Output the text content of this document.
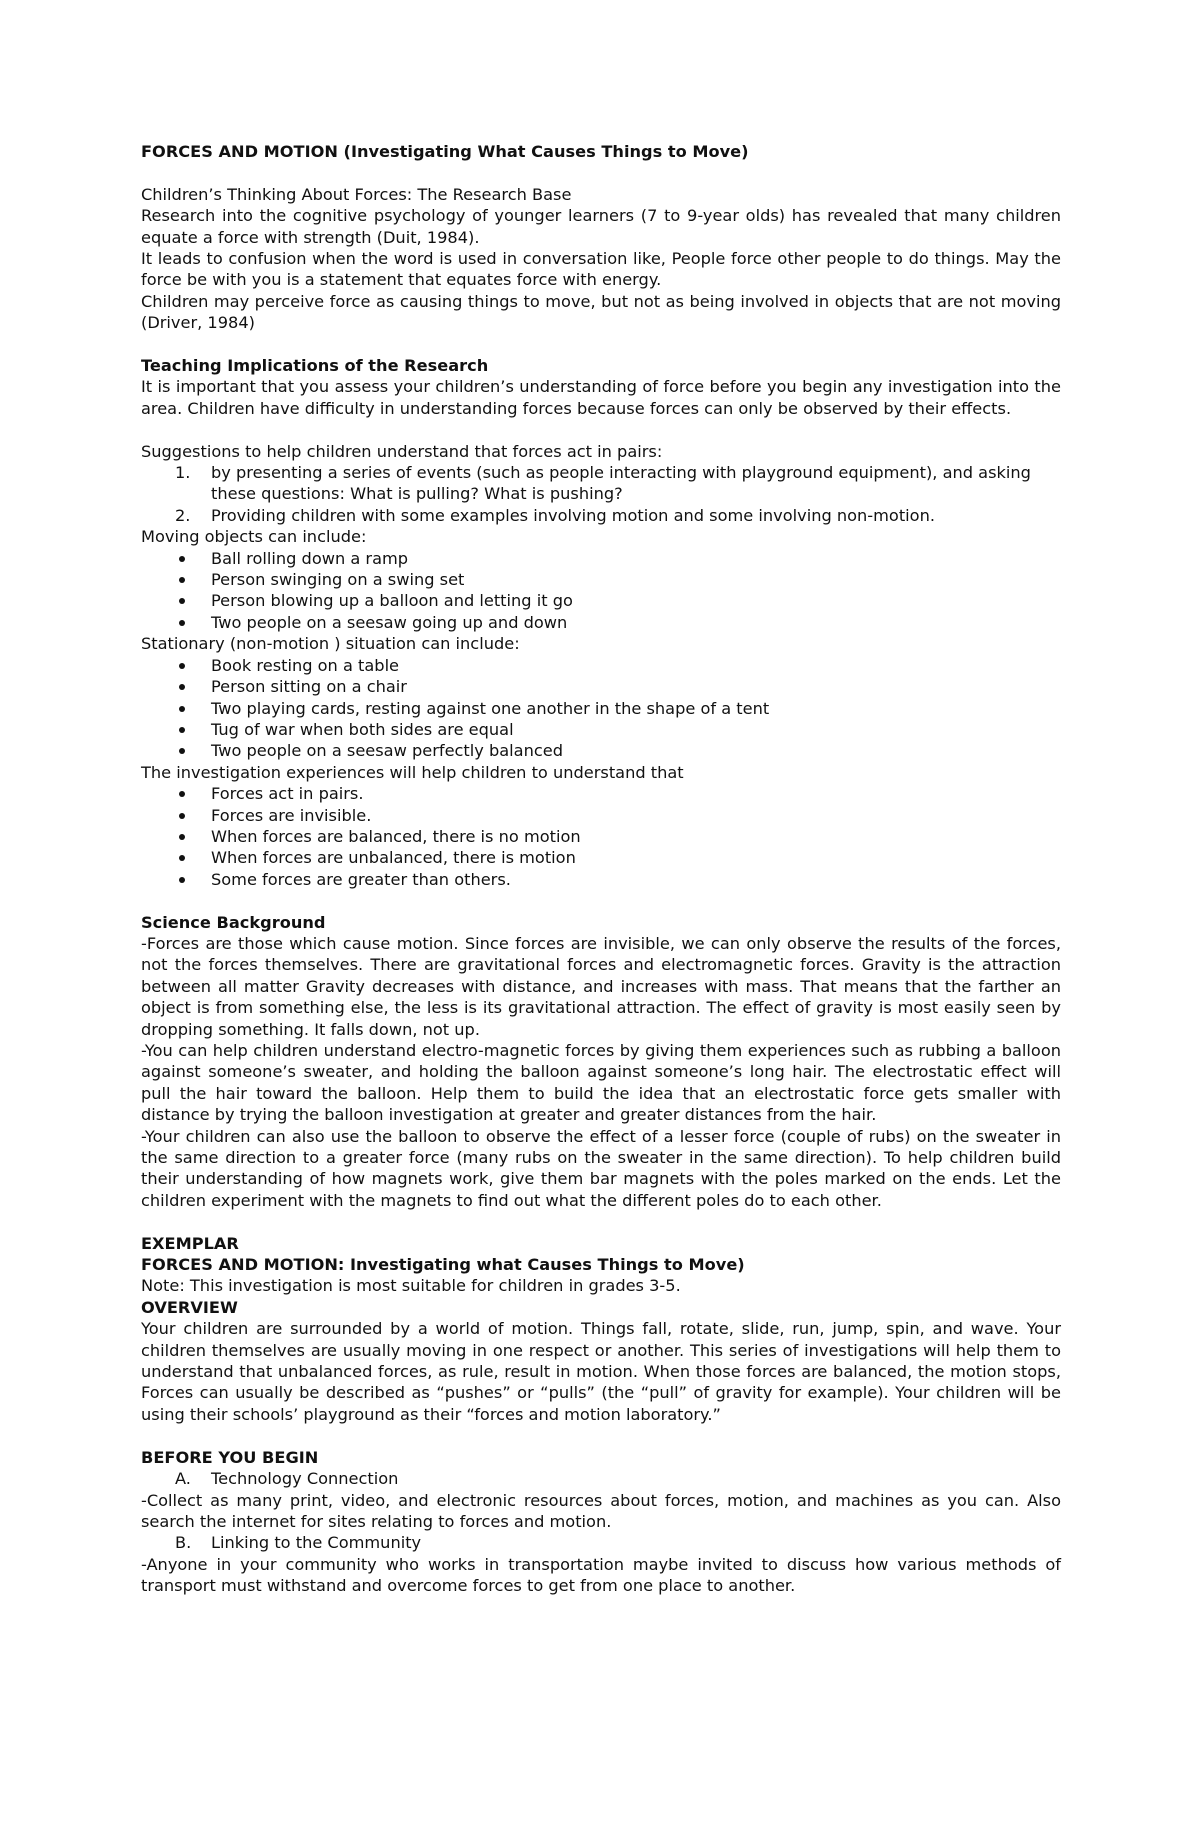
FORCES AND MOTION (Investigating What Causes Things to Move)

Children’s Thinking About Forces: The Research Base

Research into the cognitive psychology of younger learners (7 to 9-year olds) has revealed that many children equate a force with strength (Duit, 1984).

It leads to confusion when the word is used in conversation like, People force other people to do things. May the force be with you is a statement that equates force with energy.

Children may perceive force as causing things to move, but not as being involved in objects that are not moving (Driver, 1984)

Teaching Implications of the Research

It is important that you assess your children’s understanding of force before you begin any investigation into the area. Children have difficulty in understanding forces because forces can only be observed by their effects.

Suggestions to help children understand that forces act in pairs:

1. by presenting a series of events (such as people interacting with playground equipment), and asking these questions: What is pulling? What is pushing?
2. Providing children with some examples involving motion and some involving non-motion.

Moving objects can include:

Ball rolling down a ramp
Person swinging on a swing set
Person blowing up a balloon and letting it go
Two people on a seesaw going up and down

Stationary (non-motion ) situation can include:

Book resting on a table
Person sitting on a chair
Two playing cards, resting against one another in the shape of a tent
Tug of war when both sides are equal
Two people on a seesaw perfectly balanced

The investigation experiences will help children to understand that

Forces act in pairs.
Forces are invisible.
When forces are balanced, there is no motion
When forces are unbalanced, there is motion
Some forces are greater than others.

Science Background

-Forces are those which cause motion. Since forces are invisible, we can only observe the results of the forces, not the forces themselves. There are gravitational forces and electromagnetic forces. Gravity is the attraction between all matter Gravity decreases with distance, and increases with mass. That means that the farther an object is from something else, the less is its gravitational attraction. The effect of gravity is most easily seen by dropping something. It falls down, not up.

-You can help children understand electro-magnetic forces by giving them experiences such as rubbing a balloon against someone’s sweater, and holding the balloon against someone’s long hair. The electrostatic effect will pull the hair toward the balloon. Help them to build the idea that an electrostatic force gets smaller with distance by trying the balloon investigation at greater and greater distances from the hair.

-Your children can also use the balloon to observe the effect of a lesser force (couple of rubs) on the sweater in the same direction to a greater force (many rubs on the sweater in the same direction). To help children build their understanding of how magnets work, give them bar magnets with the poles marked on the ends. Let the children experiment with the magnets to find out what the different poles do to each other.

EXEMPLAR

FORCES AND MOTION: Investigating what Causes Things to Move)

Note: This investigation is most suitable for children in grades 3-5.

OVERVIEW

Your children are surrounded by a world of motion. Things fall, rotate, slide, run, jump, spin, and wave. Your children themselves are usually moving in one respect or another. This series of investigations will help them to understand that unbalanced forces, as rule, result in motion. When those forces are balanced, the motion stops, Forces can usually be described as “pushes” or “pulls” (the “pull” of gravity for example). Your children will be using their schools’ playground as their “forces and motion laboratory.”

BEFORE YOU BEGIN

A. Technology Connection

-Collect as many print, video, and electronic resources about forces, motion, and machines as you can. Also search the internet for sites relating to forces and motion.

B. Linking to the Community

-Anyone in your community who works in transportation maybe invited to discuss how various methods of transport must withstand and overcome forces to get from one place to another.
